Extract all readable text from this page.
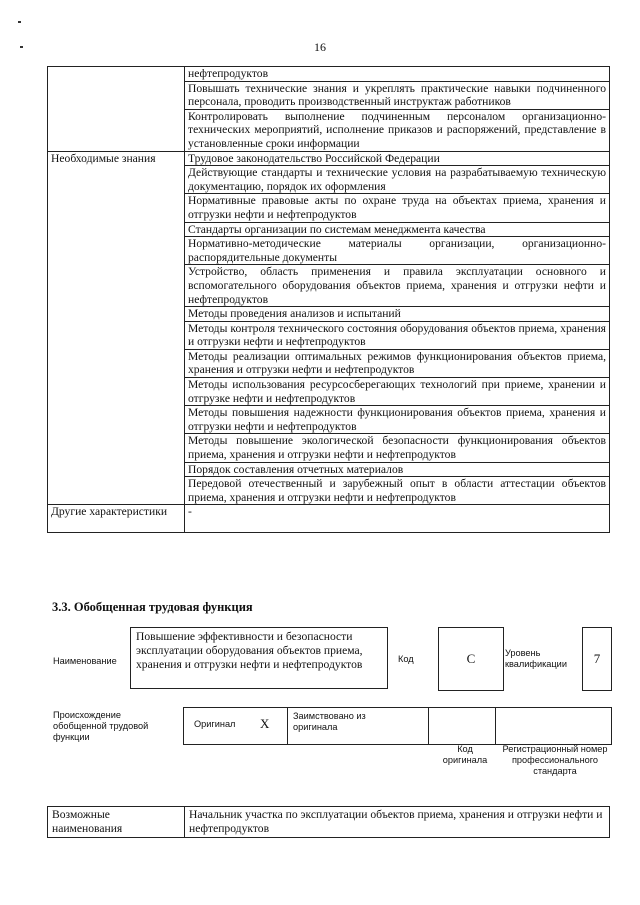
16
	нефтепродуктов
	Повышать технические знания и укреплять практические навыки подчиненного персонала, проводить производственный инструктаж работников
	Контролировать выполнение подчиненным персоналом организационно-технических мероприятий, исполнение приказов и распоряжений, представление в установленные сроки информации
Необходимые знания	Трудовое законодательство Российской Федерации
	Действующие стандарты и технические условия на разрабатываемую техническую документацию, порядок их оформления
	Нормативные правовые акты по охране труда на объектах приема, хранения и отгрузки нефти и нефтепродуктов
	Стандарты организации по системам менеджмента качества
	Нормативно-методические материалы организации, организационно-распорядительные документы
	Устройство, область применения и правила эксплуатации основного и вспомогательного оборудования объектов приема, хранения и отгрузки нефти и нефтепродуктов
	Методы проведения анализов и испытаний
	Методы контроля технического состояния оборудования объектов приема, хранения и отгрузки нефти и нефтепродуктов
	Методы реализации оптимальных режимов функционирования объектов приема, хранения и отгрузки нефти и нефтепродуктов
	Методы использования ресурсосберегающих технологий при приеме, хранении и отгрузке нефти и нефтепродуктов
	Методы повышения надежности функционирования объектов приема, хранения и отгрузки нефти и нефтепродуктов
	Методы повышение экологической безопасности функционирования объектов приема, хранения и отгрузки нефти и нефтепродуктов
	Порядок составления отчетных материалов
	Передовой отечественный и зарубежный опыт в области аттестации объектов приема, хранения и отгрузки нефти и нефтепродуктов
Другие характеристики	-
3.3. Обобщенная трудовая функция
Наименование
Повышение эффективности и безопасности эксплуатации оборудования объектов приема, хранения и отгрузки нефти и нефтепродуктов	Код	C	Уровень квалификации	7
Происхождение обобщенной трудовой функции
Оригинал X	Заимствовано из оригинала
Код оригинала
Регистрационный номер профессионального стандарта
Возможные наименования	Начальник участка по эксплуатации объектов приема, хранения и отгрузки нефти и нефтепродуктов
